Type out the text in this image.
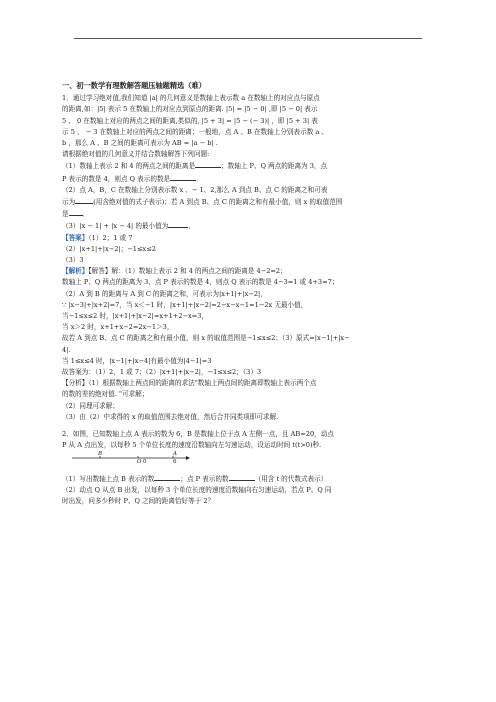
一、初一数学有理数解答题压轴题精选（难）

1．通过学习绝对值,我们知道 |a| 的几何意义是数轴上表示数 a 在数轴上的对应点与原点

的距离,如：|5| 表示 5 在数轴上的对应点到原点的距离. |5| = |5 − 0| ,即 |5 − 0| 表示

5 、 0 在数轴上对应的两点之间的距离,类似的, |5 + 3| = |5 − (− 3)| ，即 |5 + 3| 表

示 5 、 − 3 在数轴上对应的两点之间的距离；一般地，点 A 、B 在数轴上分别表示数 a 、

b ，那么 A 、B 之间的距离可表示为 AB = |a − b| .

请根据绝对值的几何意义并结合数轴解答下列问题:

（1）数轴上表示 2 和 4 的两点之间的距离是	；数轴上 P、Q 两点的距离为 3，点

P 表示的数是 4，则点 Q 表示的数是	．

（2）点 A，B，C 在数轴上分别表示数 x 、− 1、2,那么 A 到点 B、点 C 的距离之和可表

示为	(用含绝对值的式子表示)；若 A 到点 B、点 C 的距离之和有最小值，则 x 的取值范围

是 ．

（3）|x − 1| + |x − 4| 的最小值为	．

【答案】（1）2；1 或 7

（2）|x+1|+|x−2|；−1≤x≤2

（3）3

【解析】【解答】解：（1）数轴上表示 2 和 4 的两点之间的距离是 4−2=2；

数轴上 P、Q 两点的距离为 3，点 P 表示的数是 4，则点 Q 表示的数是 4−3=1 或 4+3=7；

（2）A 到 B 的距离与 A 到 C 的距离之和，可表示为|x+1|+|x−2|，

∵ |x−3|+|x+2|=7，当 x＜−1 时，|x+1|+|x−2|=2−x−x−1=1−2x 无最小值，

当−1≤x≤2 时，|x+1|+|x−2|=x+1+2−x=3，

当 x＞2 时，x+1+x−2=2x−1＞3，

故若 A 到点 B、点 C 的距离之和有最小值，则 x 的取值范围是−1≤x≤2；（3）原式=|x−1|+|x−

4|.

当 1≤x≤4 时，|x−1|+|x−4|有最小值为|4−1|=3

故答案为：（1）2，1 或 7；（2）|x+1|+|x−2|，−1≤x≤2；（3）3

【分析】（1）根据数轴上两点间的距离的求法"数轴上两点间的距离即数轴上表示两个点

的数的差的绝对值. "可求解；

（2）同理可求解；

（3）由（2）中求得的 x 的取值范围去绝对值，然后合并同类项即可求解.

2．如图，已知数轴上点 A 表示的数为 6，B 是数轴上位于点 A 左侧一点，且 AB=20，动点

P 从 A 点出发，以每秒 5 个单位长度的速度沿数轴向左匀速运动，设运动时间 t(t>0)秒.

B
O
A
0	6

（1）写出数轴上点 B 表示的数	；点 P 表示的数	（用含 t 的代数式表示）

（2）动点 Q 从点 B 出发，以每秒 3 个单位长度的速度沿数轴向右匀速运动，若点 P、Q 同

时出发，问多少秒时 P、Q 之间的距离恰好等于 2？
